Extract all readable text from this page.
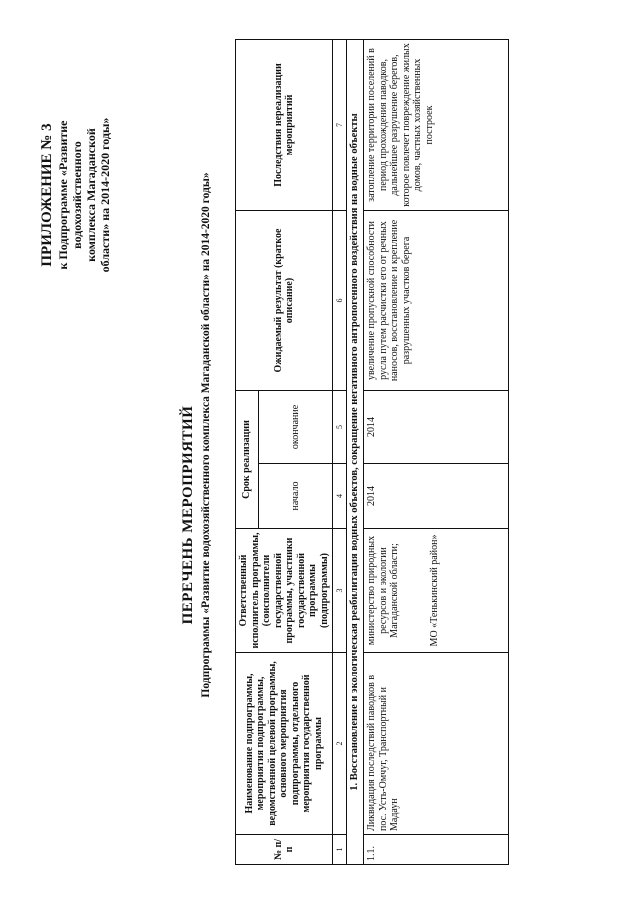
ПРИЛОЖЕНИЕ № 3 к Подпрограмме «Развитие водохозяйственного комплекса Магаданской области» на 2014-2020 годы»
ПЕРЕЧЕНЬ МЕРОПРИЯТИЙ Подпрограммы «Развитие водохозяйственного комплекса Магаданской области» на 2014-2020 годы»
№ п/п	Наименование подпрограммы, мероприятия подпрограммы, ведомственной целевой программы, основного мероприятия подпрограммы, отдельного мероприятия государственной программы	Ответственный исполнитель программы, (соисполнители государственной программы, участники государственной программы (подпрограммы)	Срок реализации		Ожидаемый результат (краткое описание)	Последствия нереализации мероприятий
			начало	окончание		
1	2	3	4	5	6	7
1. Восстановление и экологическая реабилитация водных объектов, сокращение негативного антропогенного воздействия на водные объекты						
1.1.	Ликвидация последствий паводков в пос. Усть-Омчуг, Транспортный и Мадаун	министерство природных ресурсов и экологии Магаданской области; МО «Тенькинский район»	2014	2014	увеличение пропускной способности русла путем расчистки его от речных наносов, восстановление и крепление разрушенных участков берега	затопление территории поселений в период прохождения паводков, дальнейшее разрушение берегов, которое повлечет повреждение жилых домов, частных хозяйственных построек
